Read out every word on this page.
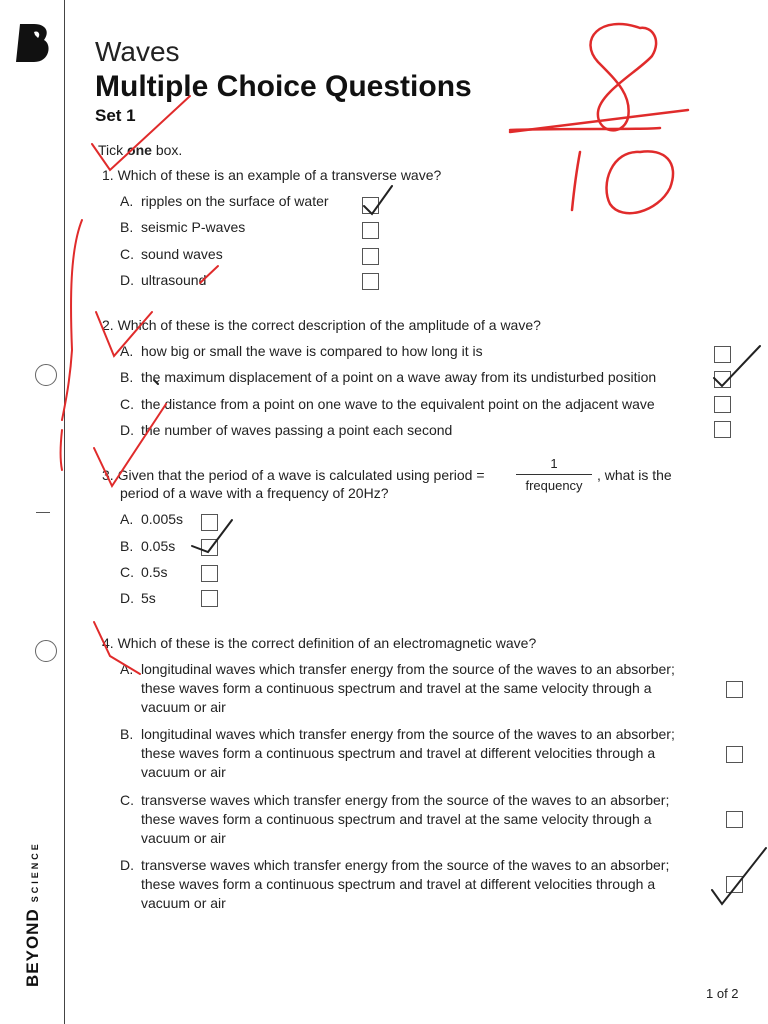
BEYOND
SCIENCE
Waves
Multiple Choice Questions
Set 1
Tick one box.
1. Which of these is an example of a transverse wave?
A. ripples on the surface of water
B. seismic P-waves
C. sound waves
D. ultrasound
2. Which of these is the correct description of the amplitude of a wave?
A. how big or small the wave is compared to how long it is
B. the maximum displacement of a point on a wave away from its undisturbed position
C. the distance from a point on one wave to the equivalent point on the adjacent wave
D. the number of waves passing a point each second
3. Given that the period of a wave is calculated using period =
1
frequency
, what is the
period of a wave with a frequency of 20Hz?
A. 0.005s
B. 0.05s
C. 0.5s
D. 5s
4. Which of these is the correct definition of an electromagnetic wave?
A. longitudinal waves which transfer energy from the source of the waves to an absorber;
these waves form a continuous spectrum and travel at the same velocity through a
vacuum or air
B. longitudinal waves which transfer energy from the source of the waves to an absorber;
these waves form a continuous spectrum and travel at different velocities through a
vacuum or air
C. transverse waves which transfer energy from the source of the waves to an absorber;
these waves form a continuous spectrum and travel at the same velocity through a
vacuum or air
D. transverse waves which transfer energy from the source of the waves to an absorber;
these waves form a continuous spectrum and travel at different velocities through a
vacuum or air
1 of 2
